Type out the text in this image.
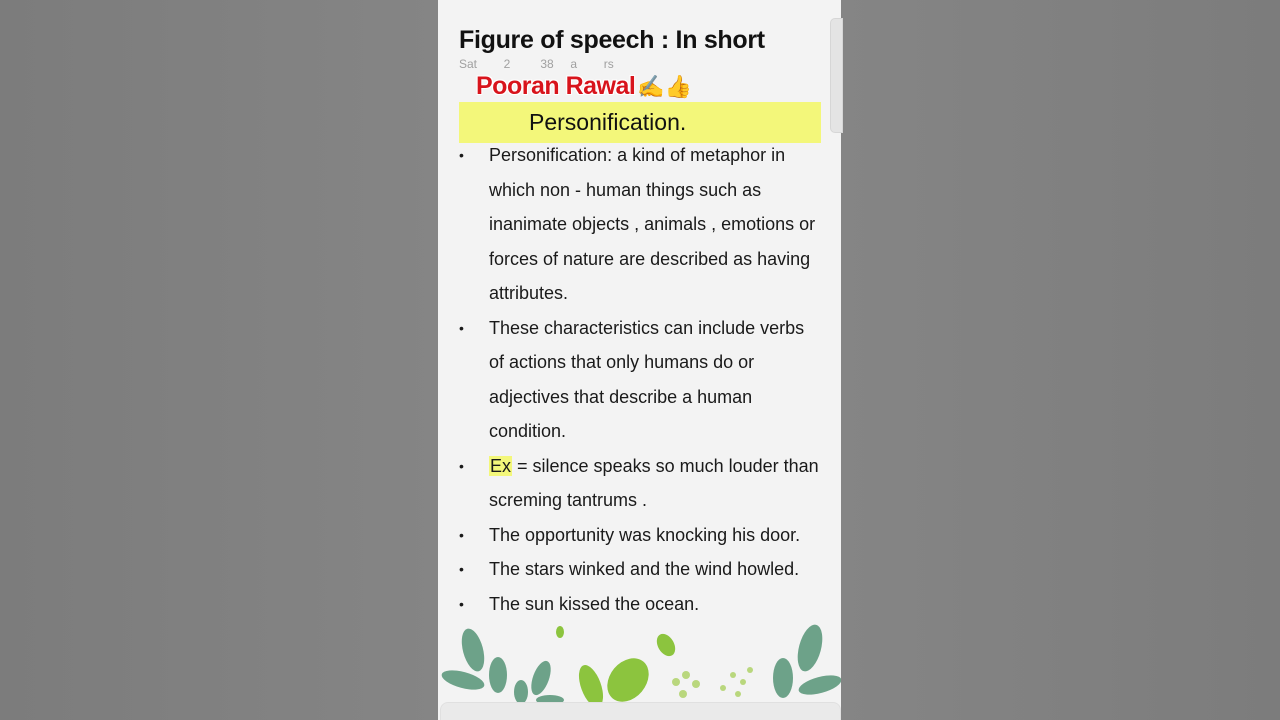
Figure of speech : In short
Sat        2         38     a        rs
Pooran Rawal ✍️👍
Personification.
• Personification: a kind of metaphor in which non - human things such as inanimate objects , animals , emotions or forces of nature are described as having attributes.
• These characteristics can include verbs of actions that only humans do or adjectives that describe a human condition.
• Ex = silence speaks so much louder than screming tantrums .
• The opportunity was knocking his door.
• The stars winked and the wind howled.
• The sun kissed the ocean.
